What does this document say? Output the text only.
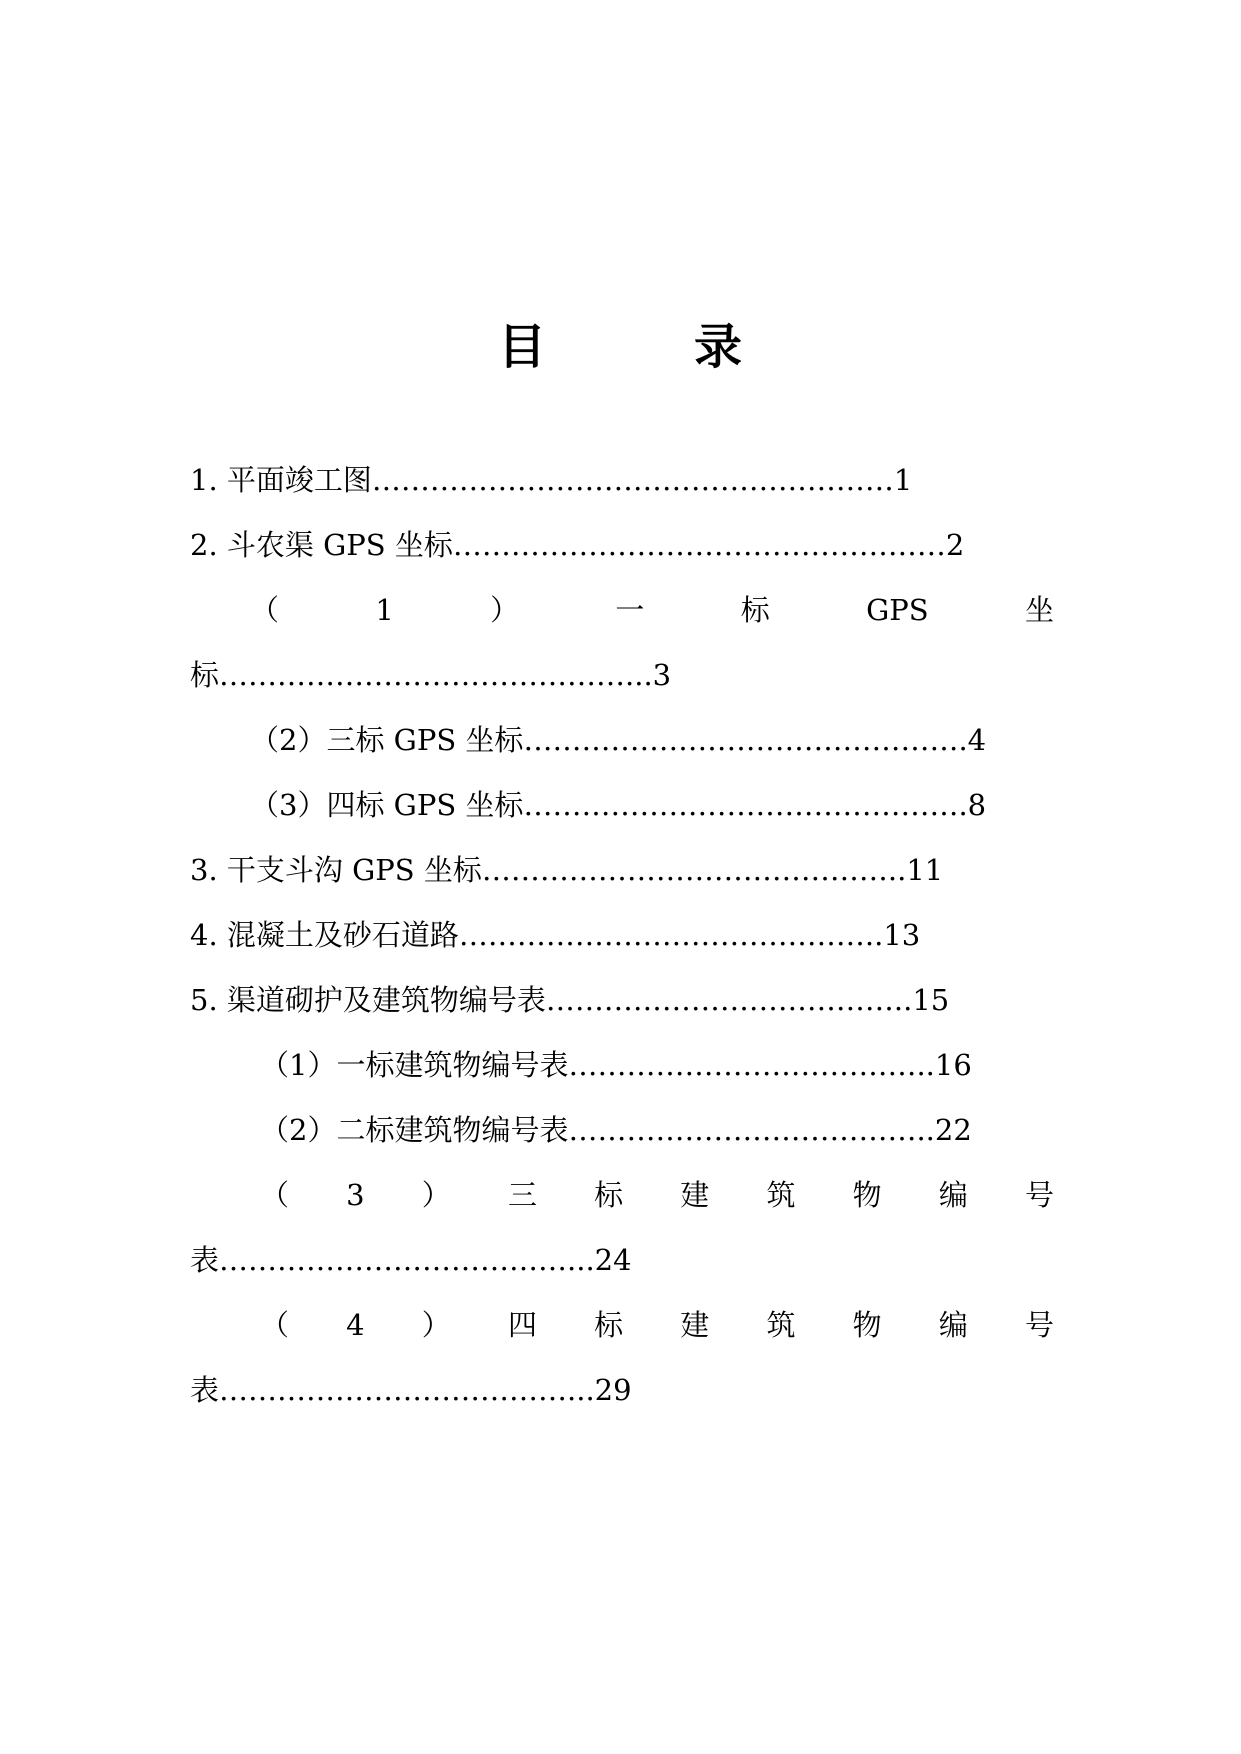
目	录
1. 平面竣工图 ……………………………………………… 1
2. 斗农渠 GPS 坐标 …………………………………………… 2
（	1	）	一	标	GPS	坐
标 ……………………………………... 3
（2）三标 GPS 坐标 ………………………………………. 4
（3）四标 GPS 坐标 ………………………………………. 8
3. 干支斗沟 GPS 坐标 …………………………………….. 11
4. 混凝土及砂石道路 …………………………………….. 13
5. 渠道砌护及建筑物编号表 ……………………………….. 15
（1）一标建筑物编号表 ……………………………….. 16
（2）二标建筑物编号表 ……………………………….. 22
（ 3 ） 三 标 建 筑 物 编 号
表 ………………………………... 24
（ 4 ） 四 标 建 筑 物 编 号
表 ………………………………... 29
